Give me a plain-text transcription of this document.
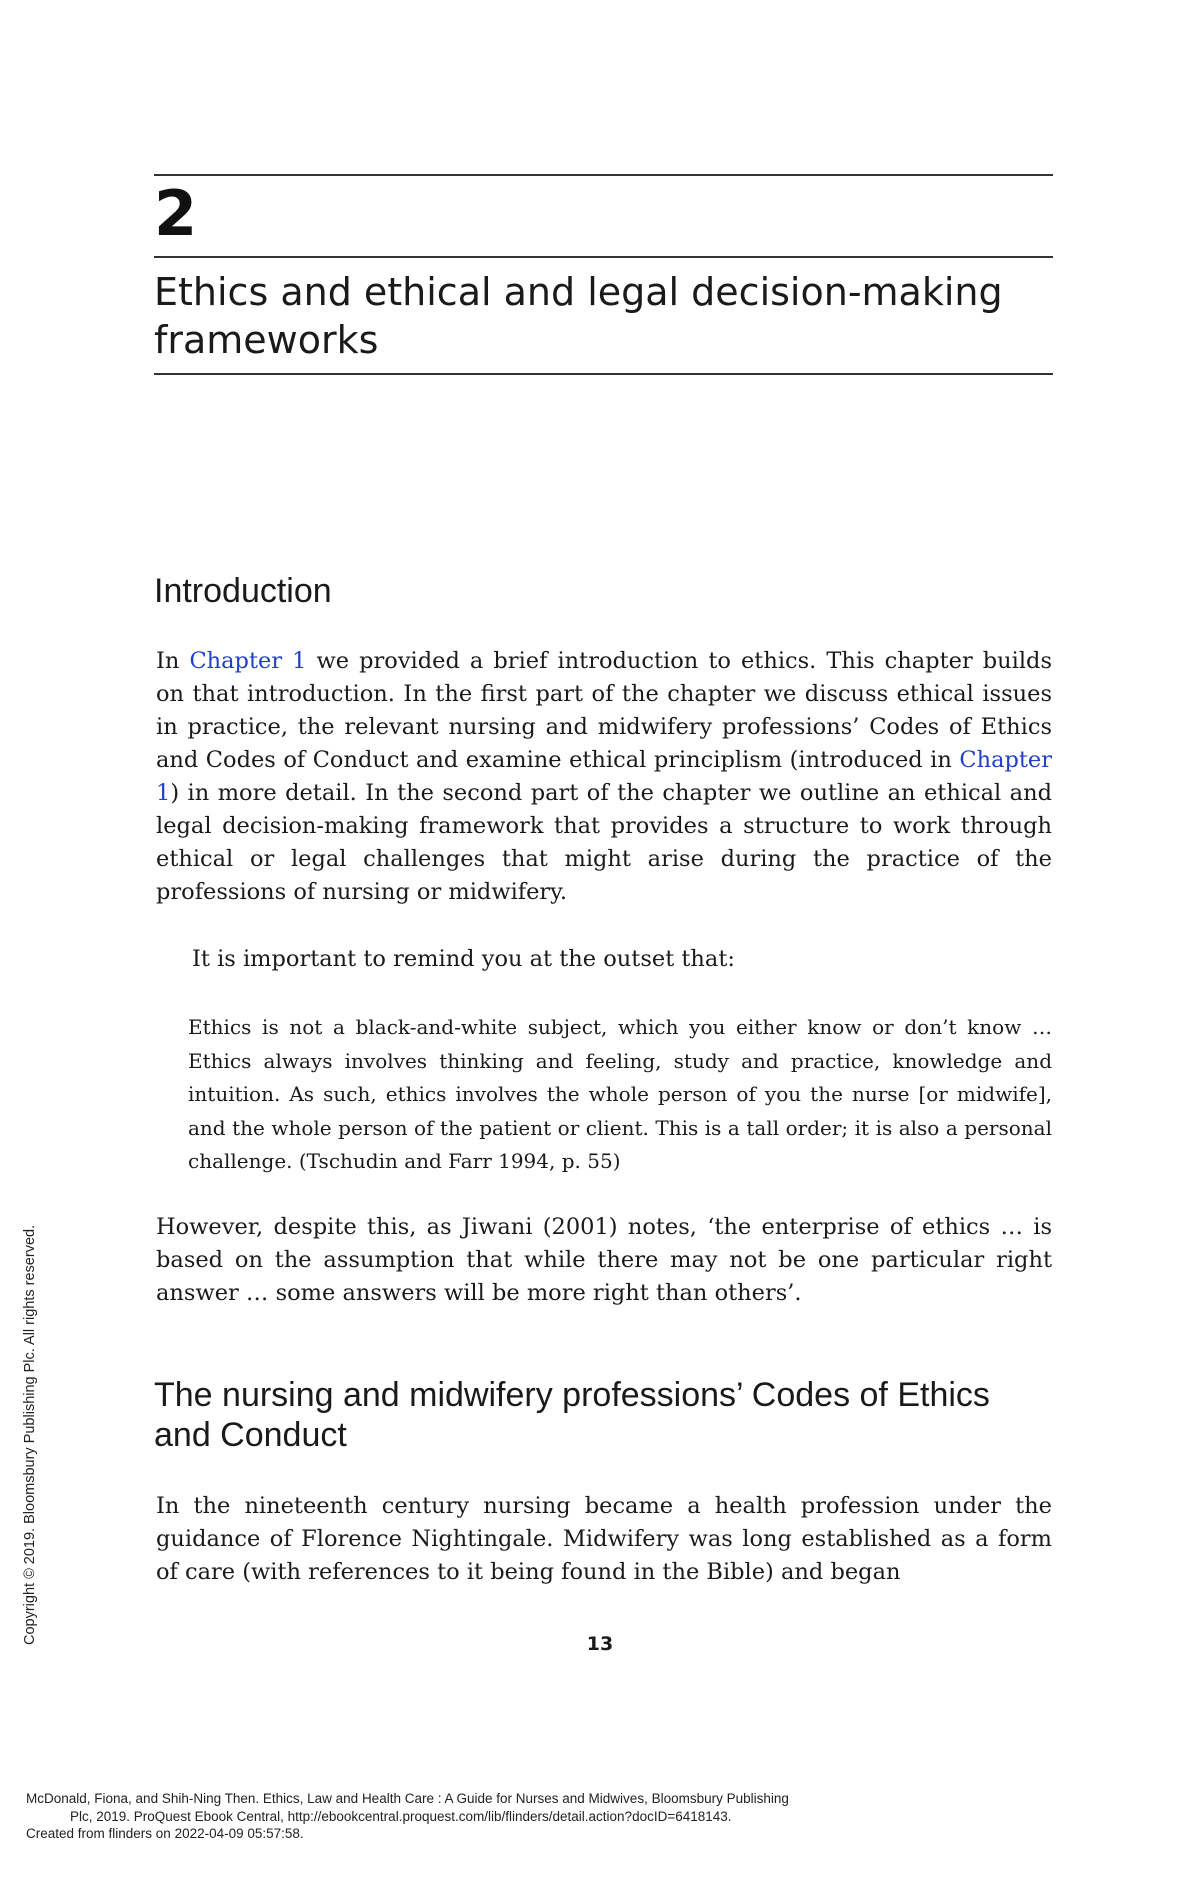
2
Ethics and ethical and legal decision-making frameworks
Introduction

In Chapter 1 we provided a brief introduction to ethics. This chapter builds on that introduction. In the first part of the chapter we discuss ethical issues in practice, the relevant nursing and midwifery professions’ Codes of Ethics and Codes of Conduct and examine ethical principlism (introduced in Chapter 1) in more detail. In the second part of the chapter we outline an ethical and legal decision-making framework that provides a structure to work through ethical or legal challenges that might arise during the practice of the professions of nursing or midwifery.

It is important to remind you at the outset that:

Ethics is not a black-and-white subject, which you either know or don’t know … Ethics always involves thinking and feeling, study and practice, knowledge and intuition. As such, ethics involves the whole person of you the nurse [or midwife], and the whole person of the patient or client. This is a tall order; it is also a personal challenge. (Tschudin and Farr 1994, p. 55)

However, despite this, as Jiwani (2001) notes, ‘the enterprise of ethics … is based on the assumption that while there may not be one particular right answer … some answers will be more right than others’.

The nursing and midwifery professions’ Codes of Ethics and Conduct

In the nineteenth century nursing became a health profession under the guidance of Florence Nightingale. Midwifery was long established as a form of care (with references to it being found in the Bible) and began

13
Copyright © 2019. Bloomsbury Publishing Plc. All rights reserved.
McDonald, Fiona, and Shih-Ning Then. Ethics, Law and Health Care : A Guide for Nurses and Midwives, Bloomsbury Publishing
Plc, 2019. ProQuest Ebook Central, http://ebookcentral.proquest.com/lib/flinders/detail.action?docID=6418143.
Created from flinders on 2022-04-09 05:57:58.
